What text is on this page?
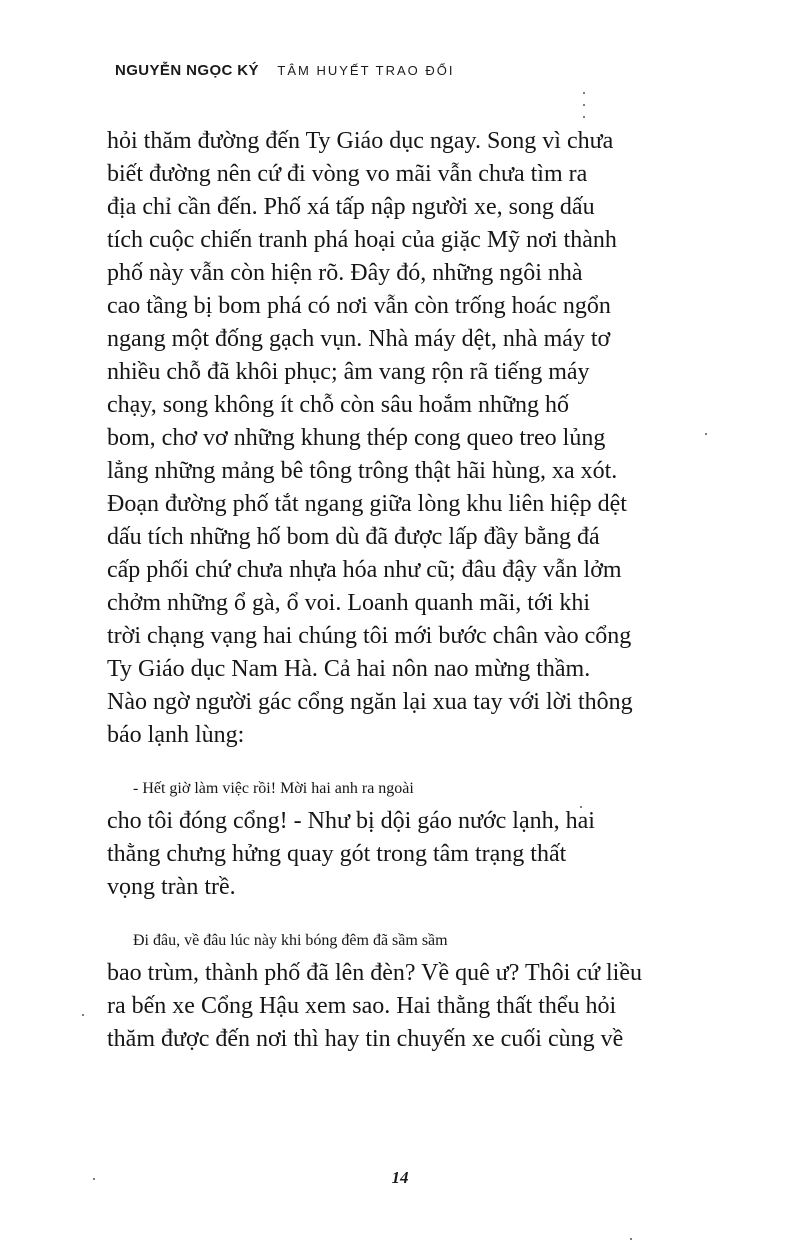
NGUYỄN NGỌC KÝ TÂM HUYẾT TRAO ĐỔI

hỏi thăm đường đến Ty Giáo dục ngay. Song vì chưa
biết đường nên cứ đi vòng vo mãi vẫn chưa tìm ra
địa chỉ cần đến. Phố xá tấp nập người xe, song dấu
tích cuộc chiến tranh phá hoại của giặc Mỹ nơi thành
phố này vẫn còn hiện rõ. Đây đó, những ngôi nhà
cao tầng bị bom phá có nơi vẫn còn trống hoác ngổn
ngang một đống gạch vụn. Nhà máy dệt, nhà máy tơ
nhiều chỗ đã khôi phục; âm vang rộn rã tiếng máy
chạy, song không ít chỗ còn sâu hoắm những hố
bom, chơ vơ những khung thép cong queo treo lủng
lẳng những mảng bê tông trông thật hãi hùng, xa xót.
Đoạn đường phố tắt ngang giữa lòng khu liên hiệp dệt
dấu tích những hố bom dù đã được lấp đầy bằng đá
cấp phối chứ chưa nhựa hóa như cũ; đâu đậy vẫn lởm
chởm những ổ gà, ổ voi. Loanh quanh mãi, tới khi
trời chạng vạng hai chúng tôi mới bước chân vào cổng
Ty Giáo dục Nam Hà. Cả hai nôn nao mừng thầm.
Nào ngờ người gác cổng ngăn lại xua tay với lời thông
báo lạnh lùng:

- Hết giờ làm việc rồi! Mời hai anh ra ngoài
cho tôi đóng cổng! - Như bị dội gáo nước lạnh, hai
thằng chưng hửng quay gót trong tâm trạng thất
vọng tràn trề.

Đi đâu, về đâu lúc này khi bóng đêm đã sầm sầm
bao trùm, thành phố đã lên đèn? Về quê ư? Thôi cứ liều
ra bến xe Cổng Hậu xem sao. Hai thằng thất thểu hỏi
thăm được đến nơi thì hay tin chuyến xe cuối cùng về

14
